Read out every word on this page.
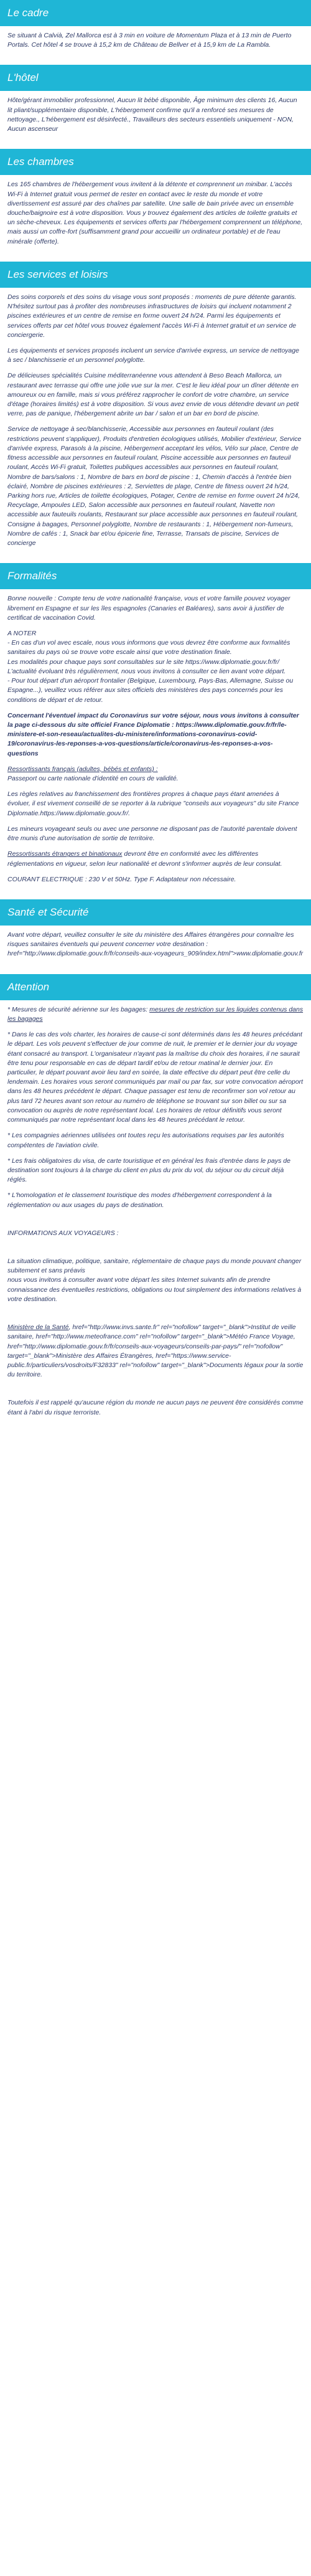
Le cadre

Se situant à Calvià, Zel Mallorca est à 3 min en voiture de Momentum Plaza et à 13 min de Puerto Portals. Cet hôtel 4 se trouve à 15,2 km de Château de Bellver et à 15,9 km de La Rambla.

L'hôtel

Hôte/gérant immobilier professionnel, Aucun lit bébé disponible, Âge minimum des clients 16, Aucun lit pliant/supplémentaire disponible, L'hébergement confirme qu'il a renforcé ses mesures de nettoyage., L'hébergement est désinfecté., Travailleurs des secteurs essentiels uniquement - NON, Aucun ascenseur

Les chambres

Les 165 chambres de l'hébergement vous invitent à la détente et comprennent un minibar. L'accès Wi-Fi à Internet gratuit vous permet de rester en contact avec le reste du monde et votre divertissement est assuré par des chaînes par satellite. Une salle de bain privée avec un ensemble douche/baignoire est à votre disposition. Vous y trouvez également des articles de toilette gratuits et un sèche-cheveux. Les équipements et services offerts par l'hébergement comprennent un téléphone, mais aussi un coffre-fort (suffisamment grand pour accueillir un ordinateur portable) et de l'eau minérale (offerte).

Les services et loisirs

Des soins corporels et des soins du visage vous sont proposés : moments de pure détente garantis. N'hésitez surtout pas à profiter des nombreuses infrastructures de loisirs qui incluent notamment 2 piscines extérieures et un centre de remise en forme ouvert 24 h/24. Parmi les équipements et services offerts par cet hôtel vous trouvez également l'accès Wi-Fi à Internet gratuit et un service de conciergerie.

Les équipements et services proposés incluent un service d'arrivée express, un service de nettoyage à sec / blanchisserie et un personnel polyglotte.

De délicieuses spécialités Cuisine méditerranéenne vous attendent à Beso Beach Mallorca, un restaurant avec terrasse qui offre une jolie vue sur la mer. C'est le lieu idéal pour un dîner détente en amoureux ou en famille, mais si vous préférez rapprocher le confort de votre chambre, un service d'étage (horaires limités) est à votre disposition. Si vous avez envie de vous détendre devant un petit verre, pas de panique, l'hébergement abrite un bar / salon et un bar en bord de piscine.

Service de nettoyage à sec/blanchisserie, Accessible aux personnes en fauteuil roulant (des restrictions peuvent s'appliquer), Produits d'entretien écologiques utilisés, Mobilier d'extérieur, Service d'arrivée express, Parasols à la piscine, Hébergement acceptant les vélos, Vélo sur place, Centre de fitness accessible aux personnes en fauteuil roulant, Piscine accessible aux personnes en fauteuil roulant, Accès Wi-Fi gratuit, Toilettes publiques accessibles aux personnes en fauteuil roulant, Nombre de bars/salons : 1, Nombre de bars en bord de piscine : 1, Chemin d'accès à l'entrée bien éclairé, Nombre de piscines extérieures : 2, Serviettes de plage, Centre de fitness ouvert 24 h/24, Parking hors rue, Articles de toilette écologiques, Potager, Centre de remise en forme ouvert 24 h/24, Recyclage, Ampoules LED, Salon accessible aux personnes en fauteuil roulant, Navette non accessible aux fauteuils roulants, Restaurant sur place accessible aux personnes en fauteuil roulant, Consigne à bagages, Personnel polyglotte, Nombre de restaurants : 1, Hébergement non-fumeurs, Nombre de cafés : 1, Snack bar et/ou épicerie fine, Terrasse, Transats de piscine, Services de concierge

Formalités

Bonne nouvelle : Compte tenu de votre nationalité française, vous et votre famille pouvez voyager librement en Espagne et sur les îles espagnoles (Canaries et Baléares), sans avoir à justifier de certificat de vaccination Covid.

A NOTER
- En cas d'un vol avec escale, nous vous informons que vous devrez être conforme aux formalités sanitaires du pays où se trouve votre escale ainsi que votre destination finale.
Les modalités pour chaque pays sont consultables sur le site https://www.diplomatie.gouv.fr/fr/ L'actualité évoluant très régulièrement, nous vous invitons à consulter ce lien avant votre départ.
- Pour tout départ d'un aéroport frontalier (Belgique, Luxembourg, Pays-Bas, Allemagne, Suisse ou Espagne...), veuillez vous référer aux sites officiels des ministères des pays concernés pour les conditions de départ et de retour.

Concernant l'éventuel impact du Coronavirus sur votre séjour, nous vous invitons à consulter la page ci-dessous du site officiel France Diplomatie : https://www.diplomatie.gouv.fr/fr/le-ministere-et-son-reseau/actualites-du-ministere/informations-coronavirus-covid-19/coronavirus-les-reponses-a-vos-questions/article/coronavirus-les-reponses-a-vos-questions

Ressortissants français (adultes, bébés et enfants) :
Passeport ou carte nationale d'identité en cours de validité.

Les règles relatives au franchissement des frontières propres à chaque pays étant amenées à évoluer, il est vivement conseillé de se reporter à la rubrique "conseils aux voyageurs" du site France Diplomatie.https://www.diplomatie.gouv.fr/.

Les mineurs voyageant seuls ou avec une personne ne disposant pas de l'autorité parentale doivent être munis d'une autorisation de sortie de territoire.

Ressortissants étrangers et binationaux devront être en conformité avec les différentes réglementations en vigueur, selon leur nationalité et devront s'informer auprès de leur consulat.

COURANT ELECTRIQUE : 230 V et 50Hz. Type F. Adaptateur non nécessaire.

Santé et Sécurité

Avant votre départ, veuillez consulter le site du ministère des Affaires étrangères pour connaître les risques sanitaires éventuels qui peuvent concerner votre destination : href="http://www.diplomatie.gouv.fr/fr/conseils-aux-voyageurs_909/index.html">www.diplomatie.gouv.fr

Attention

* Mesures de sécurité aérienne sur les bagages: mesures de restriction sur les liquides contenus dans les bagages

* Dans le cas des vols charter, les horaires de cause-ci sont déterminés dans les 48 heures précédant le départ. Les vols peuvent s'effectuer de jour comme de nuit, le premier et le dernier jour du voyage étant consacré au transport. L'organisateur n'ayant pas la maîtrise du choix des horaires, il ne saurait être tenu pour responsable en cas de départ tardif et/ou de retour matinal le dernier jour. En particulier, le départ pouvant avoir lieu tard en soirée, la date effective du départ peut être celle du lendemain. Les horaires vous seront communiqués par mail ou par fax, sur votre convocation aéroport dans les 48 heures précédent le départ. Chaque passager est tenu de reconfirmer son vol retour au plus tard 72 heures avant son retour au numéro de téléphone se trouvant sur son billet ou sur sa convocation ou auprès de notre représentant local. Les horaires de retour définitifs vous seront communiqués par notre représentant local dans les 48 heures précédant le retour.

* Les compagnies aériennes utilisées ont toutes reçu les autorisations requises par les autorités compétentes de l'aviation civile.

* Les frais obligatoires du visa, de carte touristique et en général les frais d'entrée dans le pays de destination sont toujours à la charge du client en plus du prix du vol, du séjour ou du circuit déjà réglés.

* L'homologation et le classement touristique des modes d'hébergement correspondent à la réglementation ou aux usages du pays de destination.

INFORMATIONS AUX VOYAGEURS :

La situation climatique, politique, sanitaire, réglementaire de chaque pays du monde pouvant changer subitement et sans préavis
nous vous invitons à consulter avant votre départ les sites Internet suivants afin de prendre connaissance des éventuelles restrictions, obligations ou tout simplement des informations relatives à votre destination.

Ministère de la Santé, href="http://www.invs.sante.fr" rel="nofollow" target="_blank">Institut de veille sanitaire, href="http://www.meteofrance.com" rel="nofollow" target="_blank">Météo France Voyage, href="http://www.diplomatie.gouv.fr/fr/conseils-aux-voyageurs/conseils-par-pays/" rel="nofollow" target="_blank">Ministère des Affaires Étrangères, href="https://www.service-public.fr/particuliers/vosdroits/F32833" rel="nofollow" target="_blank">Documents légaux pour la sortie du territoire.

Toutefois il est rappelé qu'aucune région du monde ne aucun pays ne peuvent être considérés comme étant à l'abri du risque terroriste.
